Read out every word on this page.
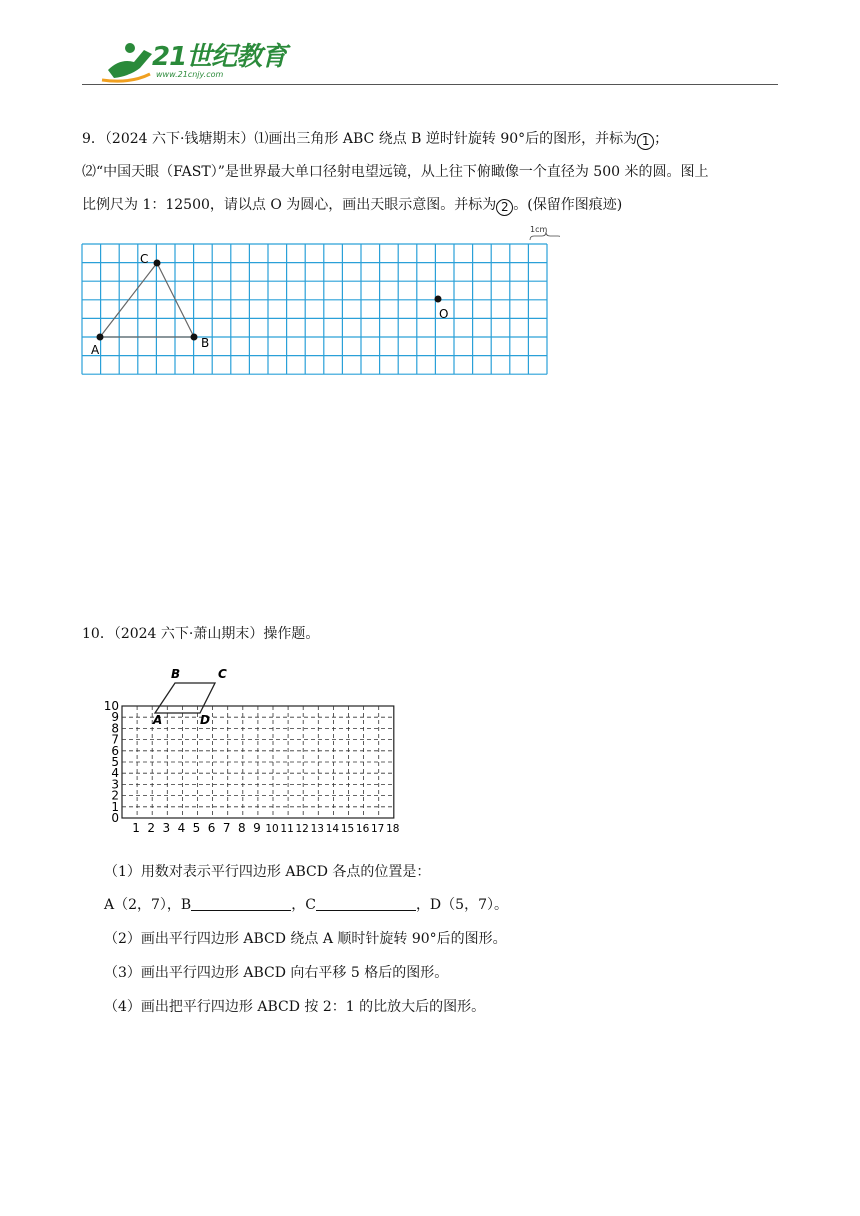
21世纪教育
www.21cnjy.com
9．（2024 六下·钱塘期末）⑴画出三角形 ABC 绕点 B 逆时针旋转 90°后的图形，并标为 1 ；
⑵“中国天眼（FAST）”是世界最大单口径射电望远镜，从上往下俯瞰像一个直径为 500 米的圆。图上
比例尺为 1：12500，请以点 O 为圆心，画出天眼示意图。并标为 2 。(保留作图痕迹)
1cm
A
C
B
O
10．（2024 六下·萧山期末）操作题。
10
9
8
7
6
5
4
3
2
1
0
1 2 3 4 5 6 7 8 9 10 11 12 13 14 15 16 17 18
A
B	C
D
（1）用数对表示平行四边形 ABCD 各点的位置是：
A（2，7），B	，C	，D（5，7）。
（2）画出平行四边形 ABCD 绕点 A 顺时针旋转 90°后的图形。
（3）画出平行四边形 ABCD 向右平移 5 格后的图形。
（4）画出把平行四边形 ABCD 按 2：1 的比放大后的图形。
